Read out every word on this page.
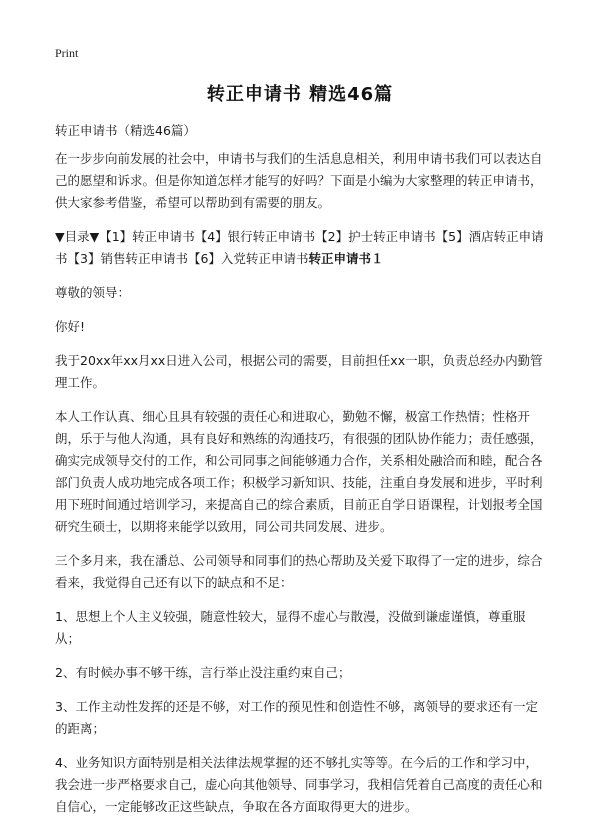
Print
转正申请书 精选46篇

转正申请书（精选46篇）

在一步步向前发展的社会中，申请书与我们的生活息息相关，利用申请书我们可以表达自己的愿望和诉求。但是你知道怎样才能写的好吗？下面是小编为大家整理的转正申请书，供大家参考借鉴，希望可以帮助到有需要的朋友。

▼目录▼【1】转正申请书【4】银行转正申请书【2】护士转正申请书【5】酒店转正申请书【3】销售转正申请书【6】入党转正申请书转正申请书１

尊敬的领导：

你好!

我于20xx年xx月xx日进入公司，根据公司的需要，目前担任xx一职，负责总经办内勤管理工作。

本人工作认真、细心且具有较强的责任心和进取心，勤勉不懈，极富工作热情；性格开朗，乐于与他人沟通，具有良好和熟练的沟通技巧，有很强的团队协作能力；责任感强，确实完成领导交付的工作，和公司同事之间能够通力合作，关系相处融洽而和睦，配合各部门负责人成功地完成各项工作；积极学习新知识、技能，注重自身发展和进步，平时利用下班时间通过培训学习，来提高自己的综合素质，目前正自学日语课程，计划报考全国研究生硕士，以期将来能学以致用，同公司共同发展、进步。

三个多月来，我在潘总、公司领导和同事们的热心帮助及关爱下取得了一定的进步，综合看来，我觉得自己还有以下的缺点和不足：

1、思想上个人主义较强，随意性较大，显得不虚心与散漫，没做到谦虚谨慎，尊重服从；

2、有时候办事不够干练，言行举止没注重约束自己；

3、工作主动性发挥的还是不够，对工作的预见性和创造性不够，离领导的要求还有一定的距离；

4、业务知识方面特别是相关法律法规掌握的还不够扎实等等。在今后的工作和学习中，我会进一步严格要求自己，虚心向其他领导、同事学习，我相信凭着自己高度的责任心和自信心，一定能够改正这些缺点，争取在各方面取得更大的进步。
